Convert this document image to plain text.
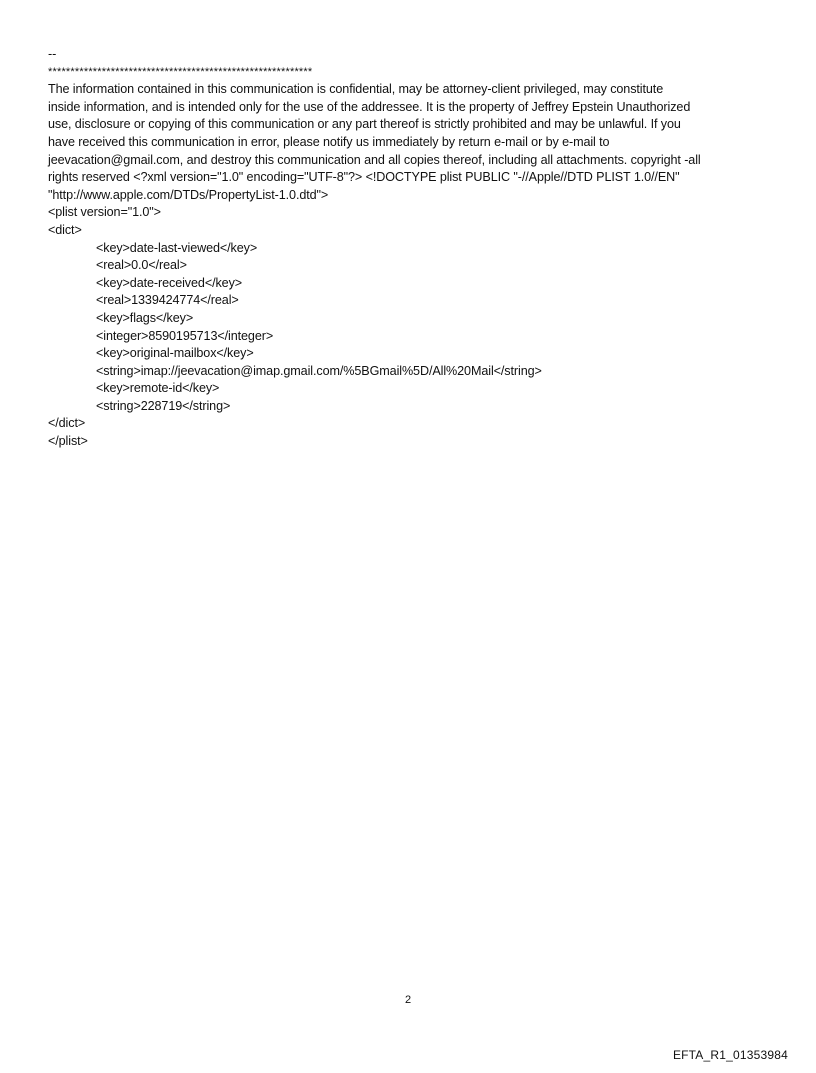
--
***********************************************************
The information contained in this communication is confidential, may be attorney-client privileged, may constitute
inside information, and is intended only for the use of the addressee. It is the property of Jeffrey Epstein Unauthorized
use, disclosure or copying of this communication or any part thereof is strictly prohibited and may be unlawful. If you
have received this communication in error, please notify us immediately by return e-mail or by e-mail to
jeevacation@gmail.com, and destroy this communication and all copies thereof, including all attachments. copyright -all
rights reserved <?xml version="1.0" encoding="UTF-8"?> <!DOCTYPE plist PUBLIC "-//Apple//DTD PLIST 1.0//EN"
"http://www.apple.com/DTDs/PropertyList-1.0.dtd">
<plist version="1.0">
<dict>
<key>date-last-viewed</key>
<real>0.0</real>
<key>date-received</key>
<real>1339424774</real>
<key>flags</key>
<integer>8590195713</integer>
<key>original-mailbox</key>
<string>imap://jeevacation@imap.gmail.com/%5BGmail%5D/All%20Mail</string>
<key>remote-id</key>
<string>228719</string>
</dict>
</plist>
2
EFTA_R1_01353984
